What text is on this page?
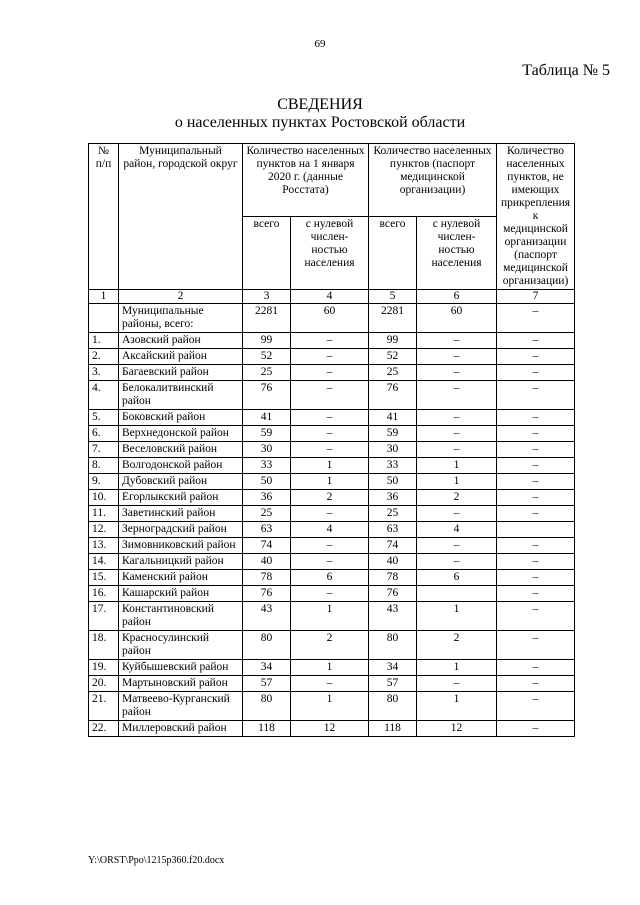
69
Таблица № 5
СВЕДЕНИЯ
о населенных пунктах Ростовской области
№ п/п	Муниципальный район, городской округ	Количество населенных пунктов на 1 января 2020 г. (данные Росстата)		Количество населенных пунктов (паспорт медицинской организации)		Количество населенных пунктов, не имеющих прикрепления к медицинской организации (паспорт медицинской организации)
		всего	с нулевой числен-ностью населения	всего	с нулевой числен-ностью населения	
1	2	3	4	5	6	7
	Муниципальные районы, всего:	2281	60	2281	60	–
1.	Азовский район	99	–	99	–	–
2.	Аксайский район	52	–	52	–	–
3.	Багаевский район	25	–	25	–	–
4.	Белокалитвинский район	76	–	76	–	–
5.	Боковский район	41	–	41	–	–
6.	Верхнедонской район	59	–	59	–	–
7.	Веселовский район	30	–	30	–	–
8.	Волгодонской район	33	1	33	1	–
9.	Дубовский район	50	1	50	1	–
10.	Егорлыкский район	36	2	36	2	–
11.	Заветинский район	25	–	25	–	–
12.	Зерноградский район	63	4	63	4	
13.	Зимовниковский район	74	–	74	–	–
14.	Кагальницкий район	40	–	40	–	–
15.	Каменский район	78	6	78	6	–
16.	Кашарский район	76	–	76		–
17.	Константиновский район	43	1	43	1	–
18.	Красносулинский район	80	2	80	2	–
19.	Куйбышевский район	34	1	34	1	–
20.	Мартыновский район	57	–	57	–	–
21.	Матвеево-Курганский район	80	1	80	1	–
22.	Миллеровский район	118	12	118	12	–
Y:\ORST\Ppo\1215p360.f20.docx
